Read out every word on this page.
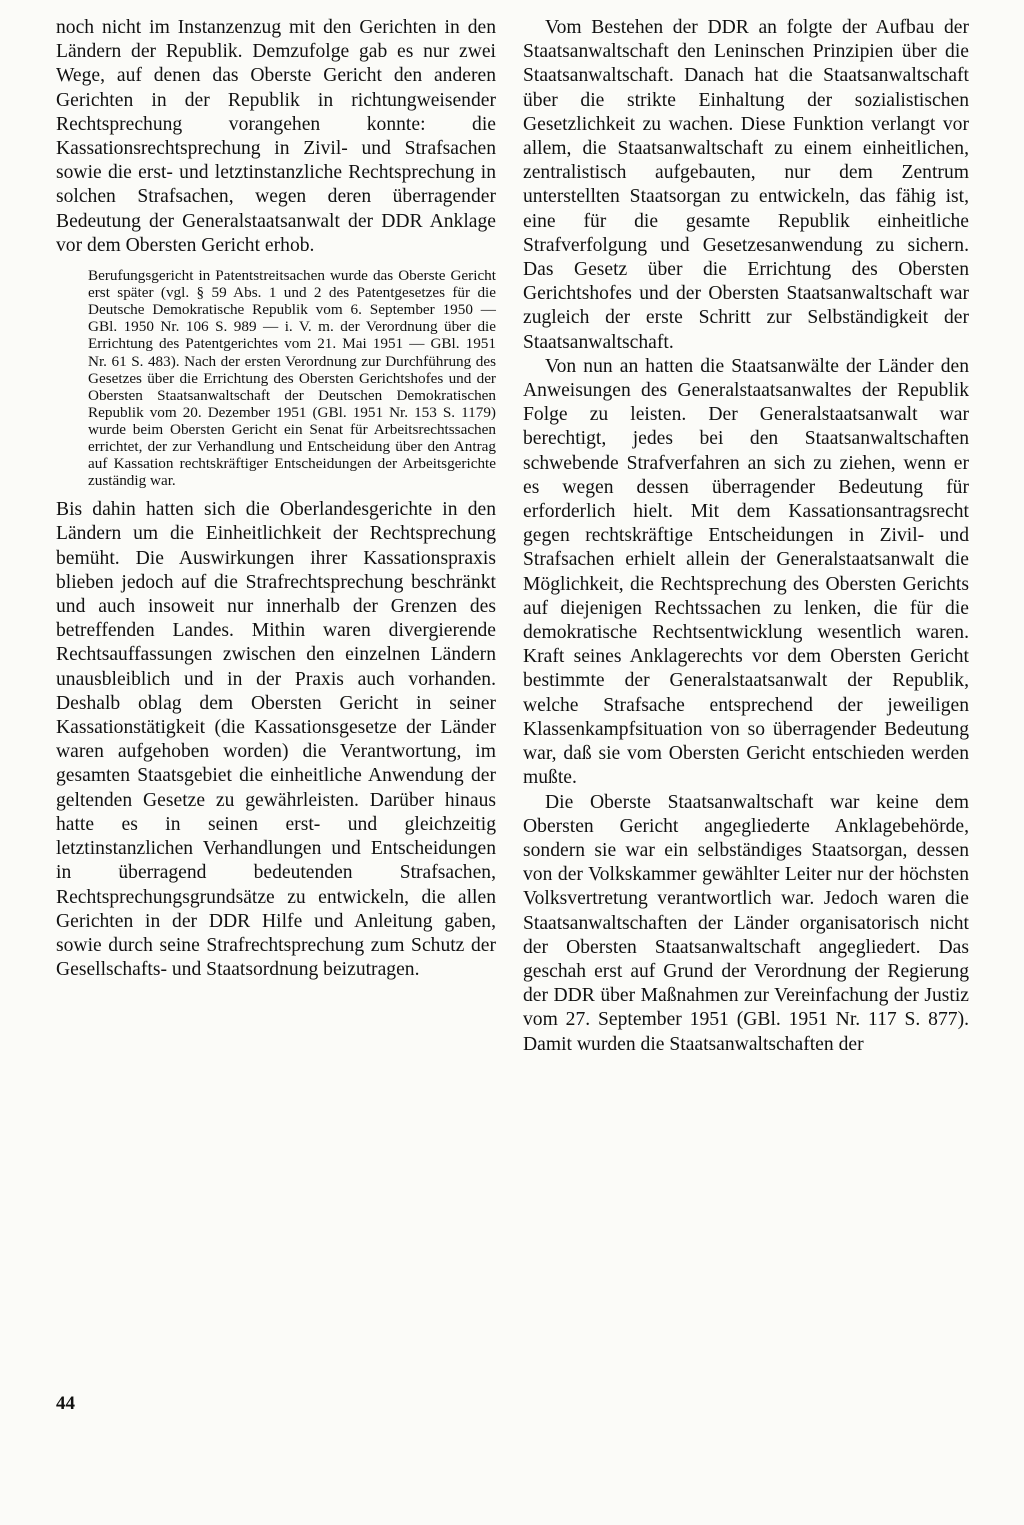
noch nicht im Instanzenzug mit den Gerichten in den Ländern der Republik. Demzufolge gab es nur zwei Wege, auf denen das Oberste Gericht den anderen Gerichten in der Republik in richtungweisender Rechtsprechung vorangehen konnte: die Kassationsrechtsprechung in Zivil- und Strafsachen sowie die erst- und letztinstanzliche Rechtsprechung in solchen Strafsachen, wegen deren überragender Bedeutung der Generalstaatsanwalt der DDR Anklage vor dem Obersten Gericht erhob.

Berufungsgericht in Patentstreitsachen wurde das Oberste Gericht erst später (vgl. § 59 Abs. 1 und 2 des Patentgesetzes für die Deutsche Demokratische Republik vom 6. September 1950 — GBl. 1950 Nr. 106 S. 989 — i. V. m. der Verordnung über die Errichtung des Patentgerichtes vom 21. Mai 1951 — GBl. 1951 Nr. 61 S. 483). Nach der ersten Verordnung zur Durchführung des Gesetzes über die Errichtung des Obersten Gerichtshofes und der Obersten Staatsanwaltschaft der Deutschen Demokratischen Republik vom 20. Dezember 1951 (GBl. 1951 Nr. 153 S. 1179) wurde beim Obersten Gericht ein Senat für Arbeitsrechtssachen errichtet, der zur Verhandlung und Entscheidung über den Antrag auf Kassation rechtskräftiger Entscheidungen der Arbeitsgerichte zuständig war.

Bis dahin hatten sich die Oberlandesgerichte in den Ländern um die Einheitlichkeit der Rechtsprechung bemüht. Die Auswirkungen ihrer Kassationspraxis blieben jedoch auf die Strafrechtsprechung beschränkt und auch insoweit nur innerhalb der Grenzen des betreffenden Landes. Mithin waren divergierende Rechtsauffassungen zwischen den einzelnen Ländern unausbleiblich und in der Praxis auch vorhanden. Deshalb oblag dem Obersten Gericht in seiner Kassationstätigkeit (die Kassationsgesetze der Länder waren aufgehoben worden) die Verantwortung, im gesamten Staatsgebiet die einheitliche Anwendung der geltenden Gesetze zu gewährleisten. Darüber hinaus hatte es in seinen erst- und gleichzeitig letztinstanzlichen Verhandlungen und Entscheidungen in überragend bedeutenden Strafsachen, Rechtsprechungsgrundsätze zu entwickeln, die allen Gerichten in der DDR Hilfe und Anleitung gaben, sowie durch seine Strafrechtsprechung zum Schutz der Gesellschafts- und Staatsordnung beizutragen.

Vom Bestehen der DDR an folgte der Aufbau der Staatsanwaltschaft den Leninschen Prinzipien über die Staatsanwaltschaft. Danach hat die Staatsanwaltschaft über die strikte Einhaltung der sozialistischen Gesetzlichkeit zu wachen. Diese Funktion verlangt vor allem, die Staatsanwaltschaft zu einem einheitlichen, zentralistisch aufgebauten, nur dem Zentrum unterstellten Staatsorgan zu entwickeln, das fähig ist, eine für die gesamte Republik einheitliche Strafverfolgung und Gesetzesanwendung zu sichern. Das Gesetz über die Errichtung des Obersten Gerichtshofes und der Obersten Staatsanwaltschaft war zugleich der erste Schritt zur Selbständigkeit der Staatsanwaltschaft.

Von nun an hatten die Staatsanwälte der Länder den Anweisungen des Generalstaatsanwaltes der Republik Folge zu leisten. Der Generalstaatsanwalt war berechtigt, jedes bei den Staatsanwaltschaften schwebende Strafverfahren an sich zu ziehen, wenn er es wegen dessen überragender Bedeutung für erforderlich hielt. Mit dem Kassationsantragsrecht gegen rechtskräftige Entscheidungen in Zivil- und Strafsachen erhielt allein der Generalstaatsanwalt die Möglichkeit, die Rechtsprechung des Obersten Gerichts auf diejenigen Rechtssachen zu lenken, die für die demokratische Rechtsentwicklung wesentlich waren. Kraft seines Anklagerechts vor dem Obersten Gericht bestimmte der Generalstaatsanwalt der Republik, welche Strafsache entsprechend der jeweiligen Klassenkampfsituation von so überragender Bedeutung war, daß sie vom Obersten Gericht entschieden werden mußte.

Die Oberste Staatsanwaltschaft war keine dem Obersten Gericht angegliederte Anklagebehörde, sondern sie war ein selbständiges Staatsorgan, dessen von der Volkskammer gewählter Leiter nur der höchsten Volksvertretung verantwortlich war. Jedoch waren die Staatsanwaltschaften der Länder organisatorisch nicht der Obersten Staatsanwaltschaft angegliedert. Das geschah erst auf Grund der Verordnung der Regierung der DDR über Maßnahmen zur Vereinfachung der Justiz vom 27. September 1951 (GBl. 1951 Nr. 117 S. 877). Damit wurden die Staatsanwaltschaften der

44
